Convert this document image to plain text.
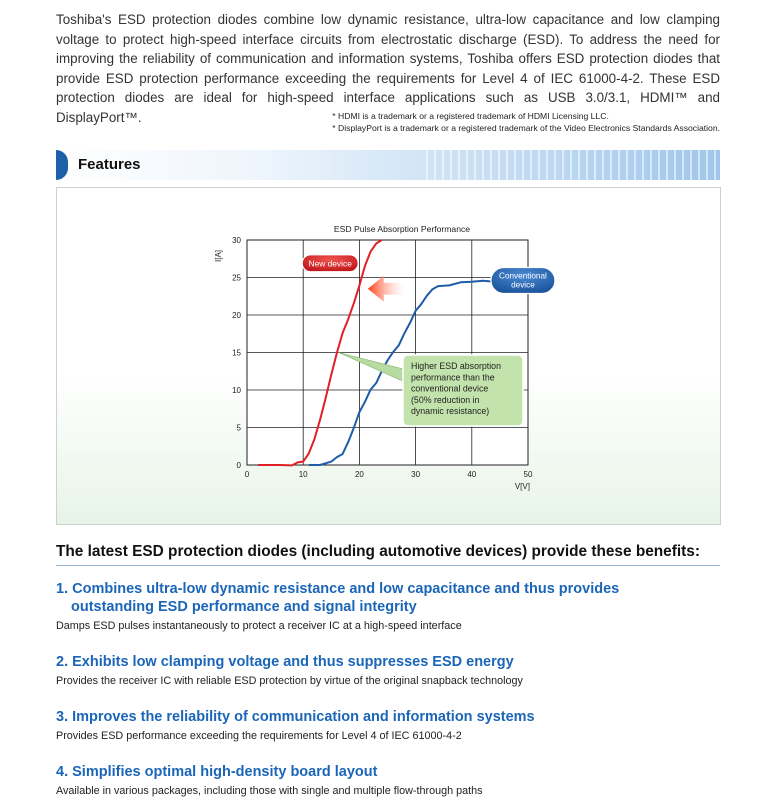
Toshiba's ESD protection diodes combine low dynamic resistance, ultra-low capacitance and low clamping voltage to protect high-speed interface circuits from electrostatic discharge (ESD). To address the need for improving the reliability of communication and information systems, Toshiba offers ESD protection diodes that provide ESD protection performance exceeding the requirements for Level 4 of IEC 61000-4-2. These ESD protection diodes are ideal for high-speed interface applications such as USB 3.0/3.1, HDMI™ and DisplayPort™.	* HDMI is a trademark or a registered trademark of HDMI Licensing LLC.
* DisplayPort is a trademark or a registered trademark of the Video Electronics Standards Association.
Features
0	10	20	30	40	50
0
5
10
15
20
25
30
ESD Pulse Absorption Performance
I[A]
V[V]
New device
Conventional
device
Higher ESD absorption
performance than the
conventional device
(50% reduction in
dynamic resistance)
The latest ESD protection diodes (including automotive devices) provide these benefits:
1. Combines ultra-low dynamic resistance and low capacitance and thus provides
outstanding ESD performance and signal integrity

Damps ESD pulses instantaneously to protect a receiver IC at a high-speed interface

2. Exhibits low clamping voltage and thus suppresses ESD energy

Provides the receiver IC with reliable ESD protection by virtue of the original snapback technology

3. Improves the reliability of communication and information systems

Provides ESD performance exceeding the requirements for Level 4 of IEC 61000-4-2

4. Simplifies optimal high-density board layout

Available in various packages, including those with single and multiple flow-through paths
